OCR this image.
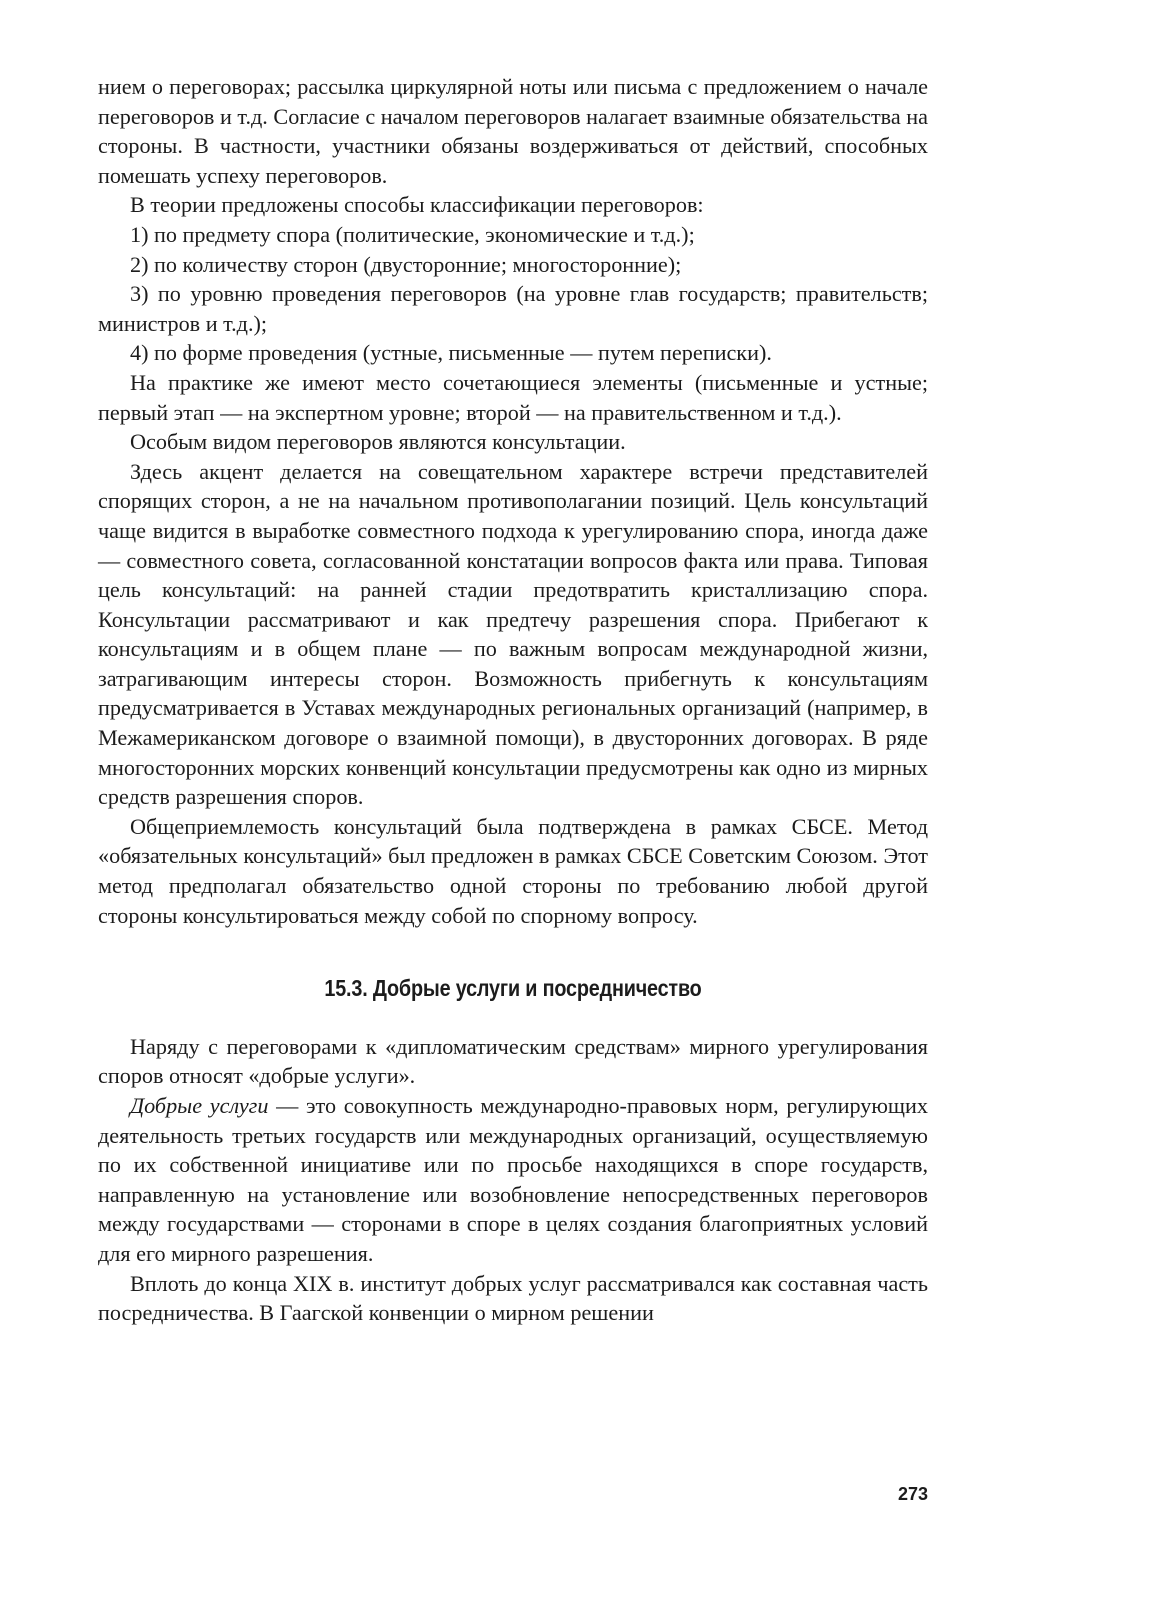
нием о переговорах; рассылка циркулярной ноты или письма с предложением о начале переговоров и т.д. Согласие с началом переговоров налагает взаимные обязательства на стороны. В частности, участники обязаны воздерживаться от действий, способных помешать успеху переговоров.

В теории предложены способы классификации переговоров:

1) по предмету спора (политические, экономические и т.д.);

2) по количеству сторон (двусторонние; многосторонние);

3) по уровню проведения переговоров (на уровне глав государств; правительств; министров и т.д.);

4) по форме проведения (устные, письменные — путем переписки).

На практике же имеют место сочетающиеся элементы (письменные и устные; первый этап — на экспертном уровне; второй — на правительственном и т.д.).

Особым видом переговоров являются консультации.

Здесь акцент делается на совещательном характере встречи представителей спорящих сторон, а не на начальном противополагании позиций. Цель консультаций чаще видится в выработке совместного подхода к урегулированию спора, иногда даже — совместного совета, согласованной констатации вопросов факта или права. Типовая цель консультаций: на ранней стадии предотвратить кристаллизацию спора. Консультации рассматривают и как предтечу разрешения спора. Прибегают к консультациям и в общем плане — по важным вопросам международной жизни, затрагивающим интересы сторон. Возможность прибегнуть к консультациям предусматривается в Уставах международных региональных организаций (например, в Межамериканском договоре о взаимной помощи), в двусторонних договорах. В ряде многосторонних морских конвенций консультации предусмотрены как одно из мирных средств разрешения споров.

Общеприемлемость консультаций была подтверждена в рамках СБСЕ. Метод «обязательных консультаций» был предложен в рамках СБСЕ Советским Союзом. Этот метод предполагал обязательство одной стороны по требованию любой другой стороны консультироваться между собой по спорному вопросу.

15.3. Добрые услуги и посредничество

Наряду с переговорами к «дипломатическим средствам» мирного урегулирования споров относят «добрые услуги».

Добрые услуги — это совокупность международно-правовых норм, регулирующих деятельность третьих государств или международных организаций, осуществляемую по их собственной инициативе или по просьбе находящихся в споре государств, направленную на установление или возобновление непосредственных переговоров между государствами — сторонами в споре в целях создания благоприятных условий для его мирного разрешения.

Вплоть до конца XIX в. институт добрых услуг рассматривался как составная часть посредничества. В Гаагской конвенции о мирном решении

273
